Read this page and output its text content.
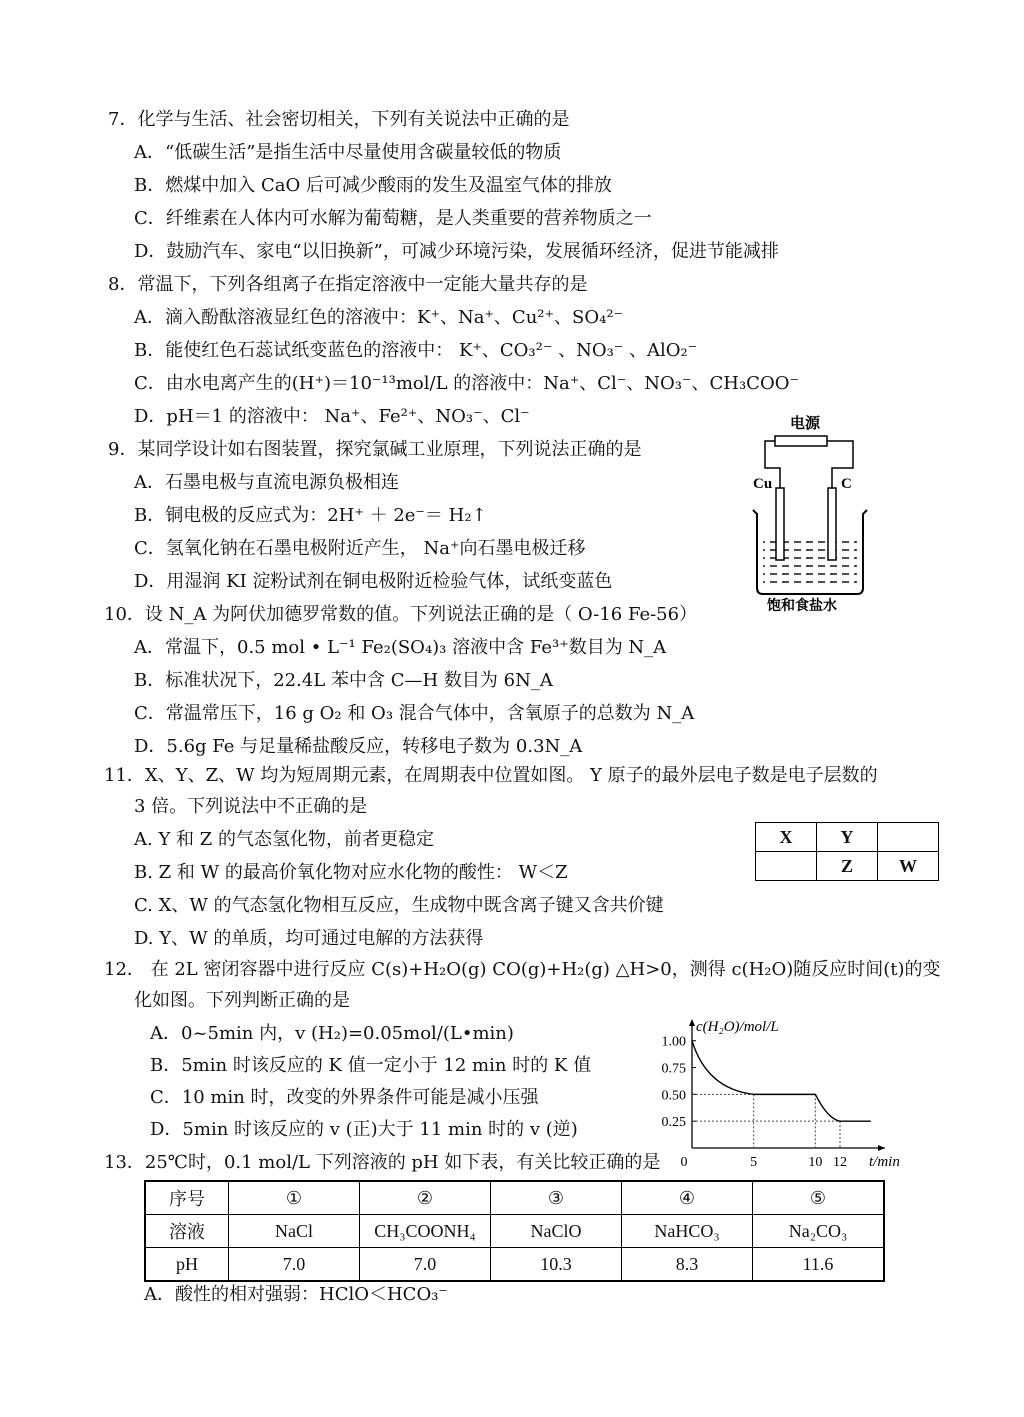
7．化学与生活、社会密切相关，下列有关说法中正确的是
A．“低碳生活”是指生活中尽量使用含碳量较低的物质
B．燃煤中加入 CaO 后可减少酸雨的发生及温室气体的排放
C．纤维素在人体内可水解为葡萄糖，是人类重要的营养物质之一
D．鼓励汽车、家电“以旧换新”，可减少环境污染，发展循环经济，促进节能减排
8．常温下，下列各组离子在指定溶液中一定能大量共存的是
A．滴入酚酞溶液显红色的溶液中：K⁺、Na⁺、Cu²⁺、SO₄²⁻
B．能使红色石蕊试纸变蓝色的溶液中： K⁺、CO₃²⁻ 、NO₃⁻ 、AlO₂⁻
C．由水电离产生的(H⁺)＝10⁻¹³mol/L 的溶液中：Na⁺、Cl⁻、NO₃⁻、CH₃COO⁻
D．pH＝1 的溶液中： Na⁺、Fe²⁺、NO₃⁻、Cl⁻
9．某同学设计如右图装置，探究氯碱工业原理，下列说法正确的是
A．石墨电极与直流电源负极相连
B．铜电极的反应式为：2H⁺ ＋ 2e⁻＝ H₂↑
C．氢氧化钠在石墨电极附近产生， Na⁺向石墨电极迁移
D．用湿润 KI 淀粉试剂在铜电极附近检验气体，试纸变蓝色
电源
Cu	C
饱和食盐水
10．设 N_A 为阿伏加德罗常数的值。下列说法正确的是（ O-16 Fe-56）
A．常温下，0.5 mol • L⁻¹ Fe₂(SO₄)₃ 溶液中含 Fe³⁺数目为 N_A
B．标准状况下，22.4L 苯中含 C—H 数目为 6N_A
C．常温常压下，16 g O₂ 和 O₃ 混合气体中，含氧原子的总数为 N_A
D．5.6g Fe 与足量稀盐酸反应，转移电子数为 0.3N_A
11．X、Y、Z、W 均为短周期元素，在周期表中位置如图。 Y 原子的最外层电子数是电子层数的
3 倍。下列说法中不正确的是
A. Y 和 Z 的气态氢化物，前者更稳定
B. Z 和 W 的最高价氧化物对应水化物的酸性： W＜Z
C. X、W 的气态氢化物相互反应，生成物中既含离子键又含共价键
D. Y、W 的单质，均可通过电解的方法获得
X	Y	
	Z	W
12． 在 2L 密闭容器中进行反应 C(s)+H₂O(g) CO(g)+H₂(g) △H>0，测得 c(H₂O)随反应时间(t)的变
化如图。下列判断正确的是
A．0~5min 内，v (H₂)=0.05mol/(L•min)
B．5min 时该反应的 K 值一定小于 12 min 时的 K 值
C．10 min 时，改变的外界条件可能是减小压强
D．5min 时该反应的 v (正)大于 11 min 时的 v (逆)
c(H₂O)/mol/L
t/min
1.00
0.75
0.50
0.25
0	5	10 12
13．25℃时，0.1 mol/L 下列溶液的 pH 如下表，有关比较正确的是
序号	①	②	③	④	⑤
溶液	NaCl	CH₃COONH₄	NaClO	NaHCO₃	Na₂CO₃
pH	7.0	7.0	10.3	8.3	11.6
A．酸性的相对强弱：HClO＜HCO₃⁻
